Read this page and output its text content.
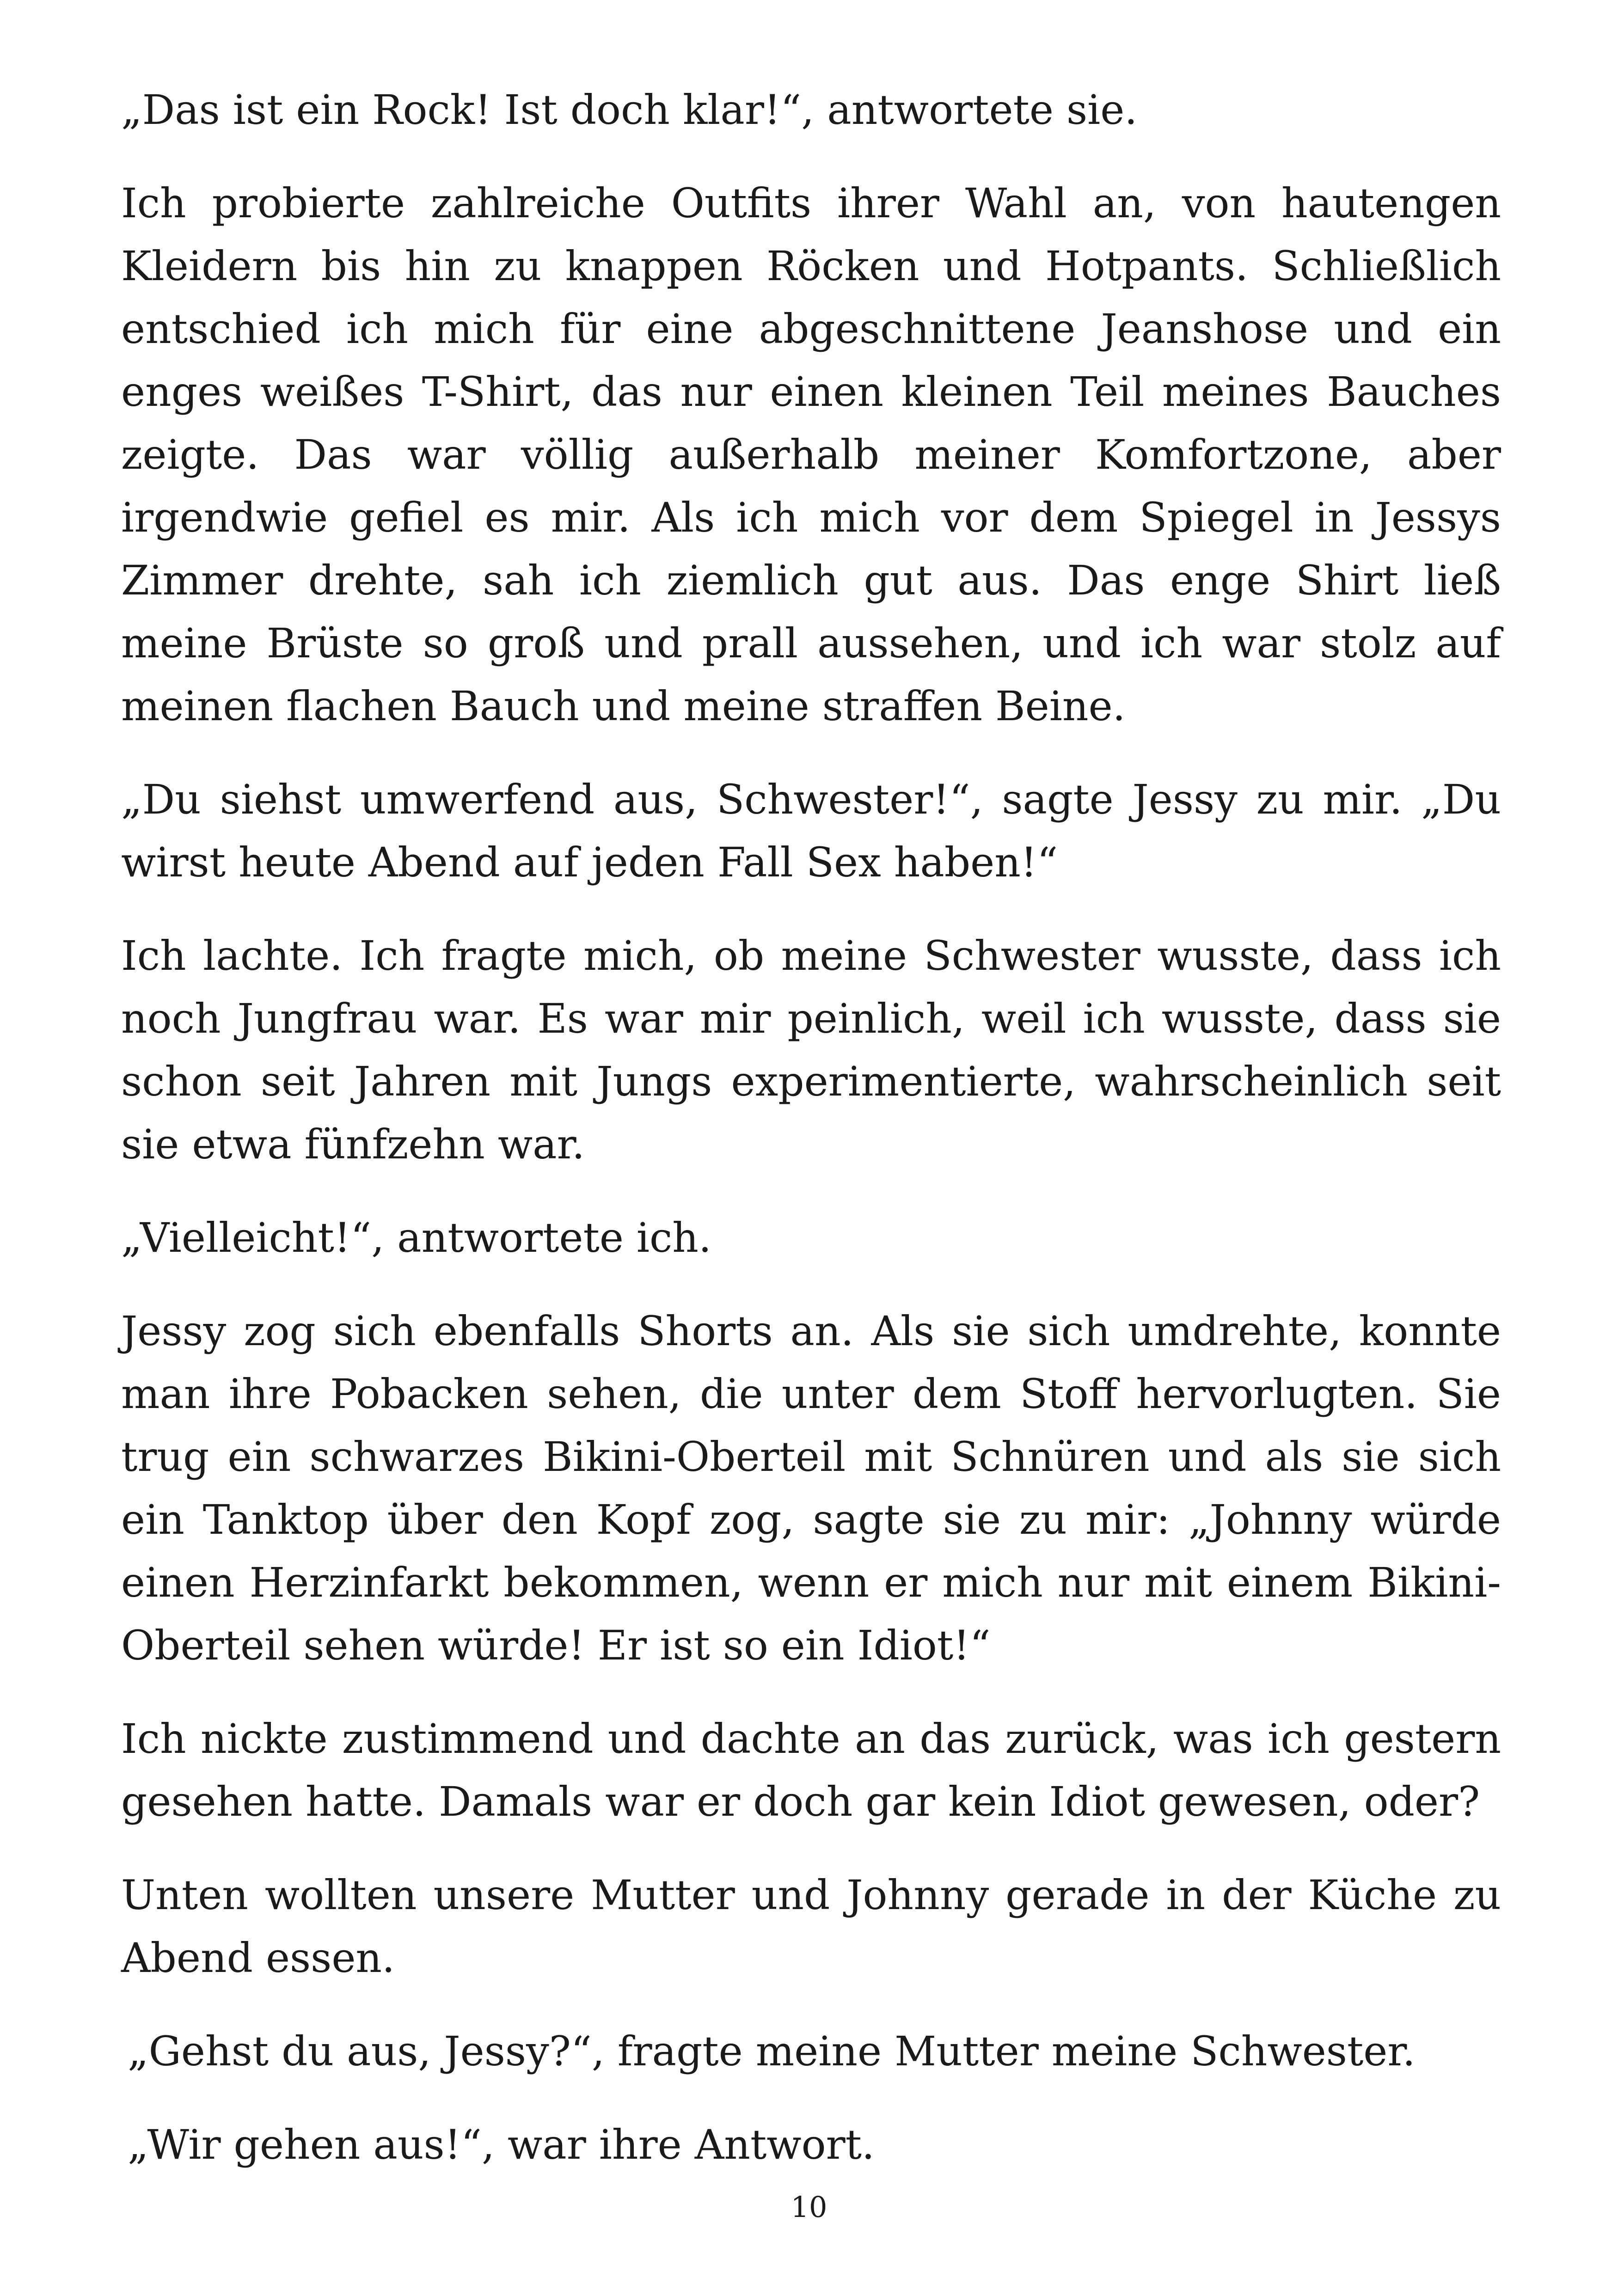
„Das ist ein Rock! Ist doch klar!“, antwortete sie.

Ich probierte zahlreiche Outfits ihrer Wahl an, von hautengen Kleidern bis hin zu knappen Röcken und Hotpants. Schließlich entschied ich mich für eine abgeschnittene Jeanshose und ein enges weißes T-Shirt, das nur einen kleinen Teil meines Bauches zeigte. Das war völlig außerhalb meiner Komfortzone, aber irgendwie gefiel es mir. Als ich mich vor dem Spiegel in Jessys Zimmer drehte, sah ich ziemlich gut aus. Das enge Shirt ließ meine Brüste so groß und prall aussehen, und ich war stolz auf meinen flachen Bauch und meine straffen Beine.

„Du siehst umwerfend aus, Schwester!“, sagte Jessy zu mir. „Du wirst heute Abend auf jeden Fall Sex haben!“

Ich lachte. Ich fragte mich, ob meine Schwester wusste, dass ich noch Jungfrau war. Es war mir peinlich, weil ich wusste, dass sie schon seit Jahren mit Jungs experimentierte, wahrscheinlich seit sie etwa fünfzehn war.

„Vielleicht!“, antwortete ich.

Jessy zog sich ebenfalls Shorts an. Als sie sich umdrehte, konnte man ihre Pobacken sehen, die unter dem Stoff hervorlugten. Sie trug ein schwarzes Bikini-Oberteil mit Schnüren und als sie sich ein Tanktop über den Kopf zog, sagte sie zu mir: „Johnny würde einen Herzinfarkt bekommen, wenn er mich nur mit einem Bikini-Oberteil sehen würde! Er ist so ein Idiot!“

Ich nickte zustimmend und dachte an das zurück, was ich gestern gesehen hatte. Damals war er doch gar kein Idiot gewesen, oder?

Unten wollten unsere Mutter und Johnny gerade in der Küche zu Abend essen.

„Gehst du aus, Jessy?“, fragte meine Mutter meine Schwester.

„Wir gehen aus!“, war ihre Antwort.

10
